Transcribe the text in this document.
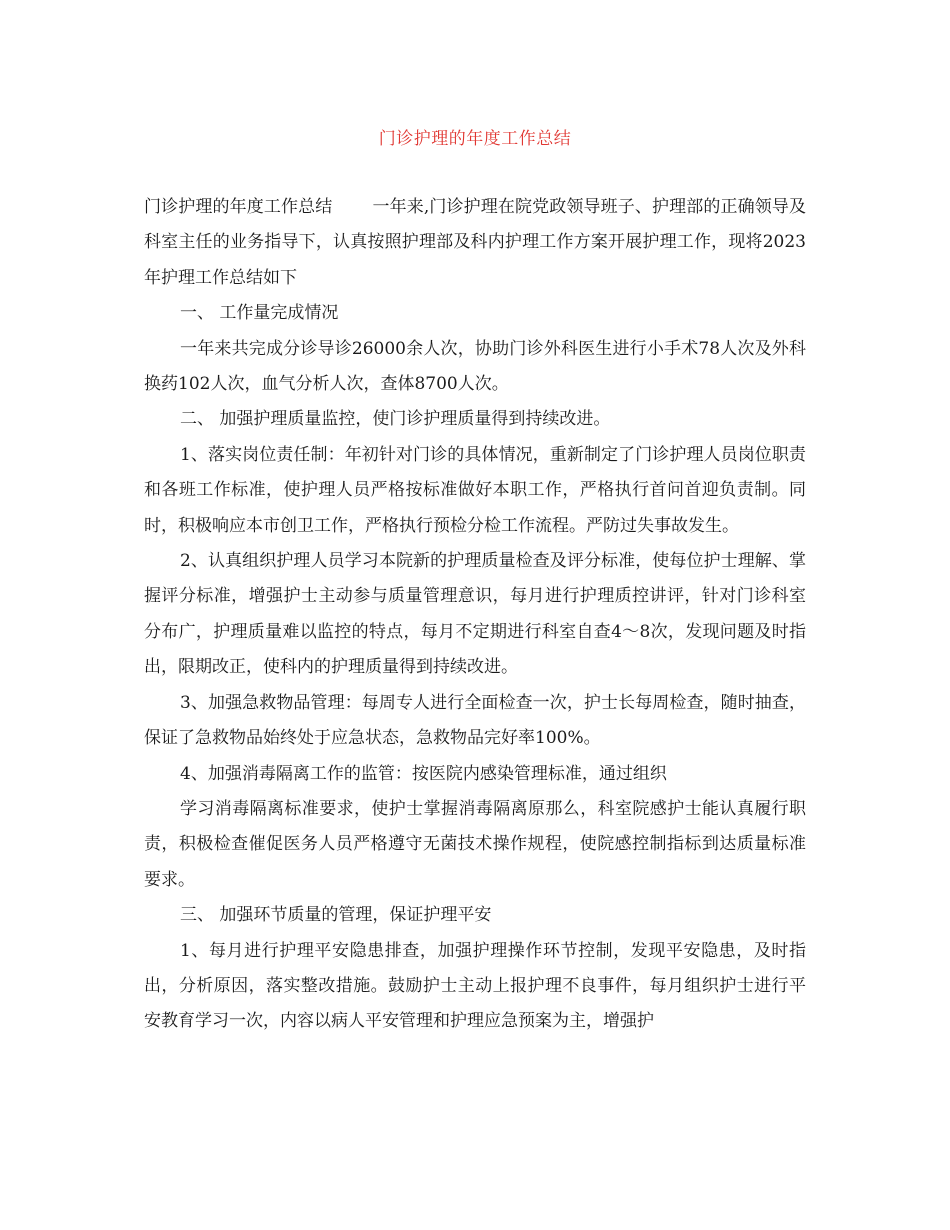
门诊护理的年度工作总结

门诊护理的年度工作总结 一年来,门诊护理在院党政领导班子、护理部的正确领导及科室主任的业务指导下，认真按照护理部及科内护理工作方案开展护理工作，现将2023年护理工作总结如下

一、 工作量完成情况

一年来共完成分诊导诊26000余人次，协助门诊外科医生进行小手术78人次及外科换药102人次，血气分析人次，查体8700人次。

二、 加强护理质量监控，使门诊护理质量得到持续改进。

1、落实岗位责任制：年初针对门诊的具体情况，重新制定了门诊护理人员岗位职责和各班工作标准，使护理人员严格按标准做好本职工作，严格执行首问首迎负责制。同时，积极响应本市创卫工作，严格执行预检分检工作流程。严防过失事故发生。

2、认真组织护理人员学习本院新的护理质量检查及评分标准，使每位护士理解、掌握评分标准，增强护士主动参与质量管理意识，每月进行护理质控讲评，针对门诊科室分布广，护理质量难以监控的特点，每月不定期进行科室自查4～8次，发现问题及时指出，限期改正，使科内的护理质量得到持续改进。

3、加强急救物品管理：每周专人进行全面检查一次，护士长每周检查，随时抽查，保证了急救物品始终处于应急状态，急救物品完好率100%。

4、加强消毒隔离工作的监管：按医院内感染管理标准，通过组织

学习消毒隔离标准要求，使护士掌握消毒隔离原那么，科室院感护士能认真履行职责，积极检查催促医务人员严格遵守无菌技术操作规程，使院感控制指标到达质量标准要求。

三、 加强环节质量的管理，保证护理平安

1、每月进行护理平安隐患排查，加强护理操作环节控制，发现平安隐患，及时指出，分析原因，落实整改措施。鼓励护士主动上报护理不良事件，每月组织护士进行平安教育学习一次，内容以病人平安管理和护理应急预案为主，增强护
